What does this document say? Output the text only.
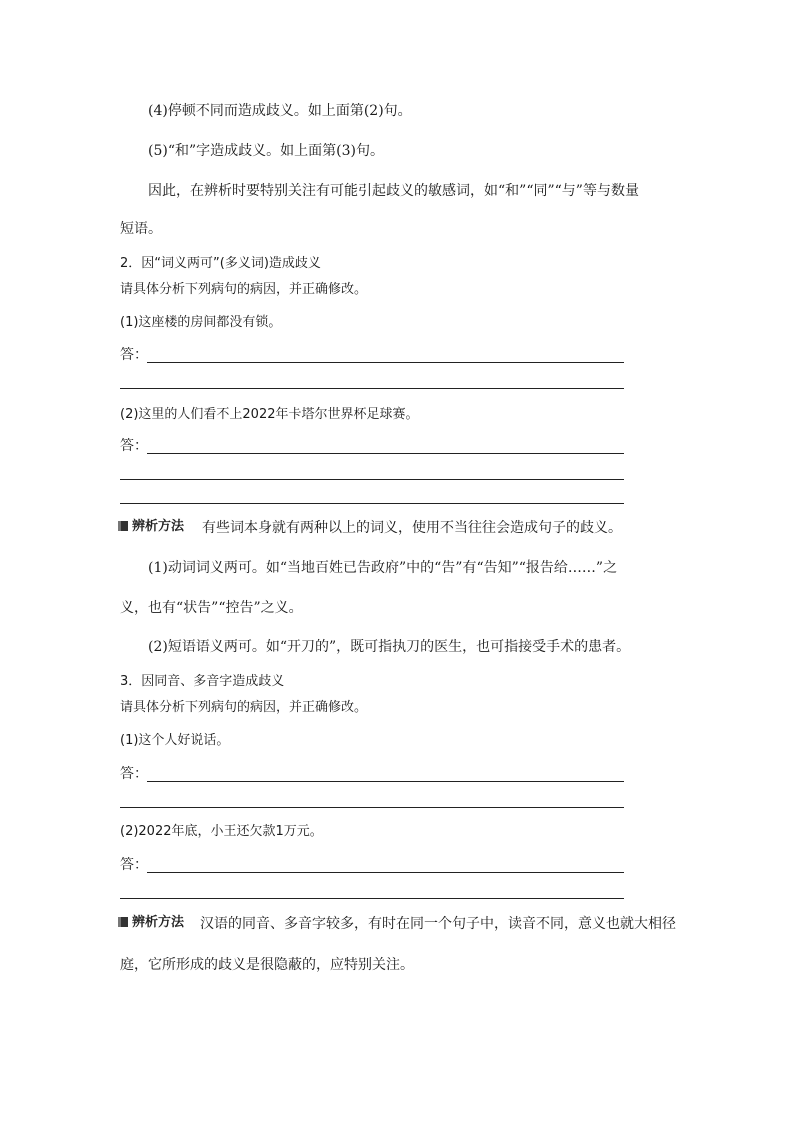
(4)停顿不同而造成歧义。如上面第(2)句。
(5)“和”字造成歧义。如上面第(3)句。
因此，在辨析时要特别关注有可能引起歧义的敏感词，如“和”“同”“与”等与数量
短语。
2．因“词义两可”(多义词)造成歧义
请具体分析下列病句的病因，并正确修改。
(1)这座楼的房间都没有锁。
答：
(2)这里的人们看不上2022年卡塔尔世界杯足球赛。
答：
辨析方法 有些词本身就有两种以上的词义，使用不当往往会造成句子的歧义。
(1)动词词义两可。如“当地百姓已告政府”中的“告”有“告知”“报告给……”之
义，也有“状告”“控告”之义。
(2)短语语义两可。如“开刀的”，既可指执刀的医生，也可指接受手术的患者。
3．因同音、多音字造成歧义
请具体分析下列病句的病因，并正确修改。
(1)这个人好说话。
答：
(2)2022年底，小王还欠款1万元。
答：
辨析方法 汉语的同音、多音字较多，有时在同一个句子中，读音不同，意义也就大相径
庭，它所形成的歧义是很隐蔽的，应特别关注。
